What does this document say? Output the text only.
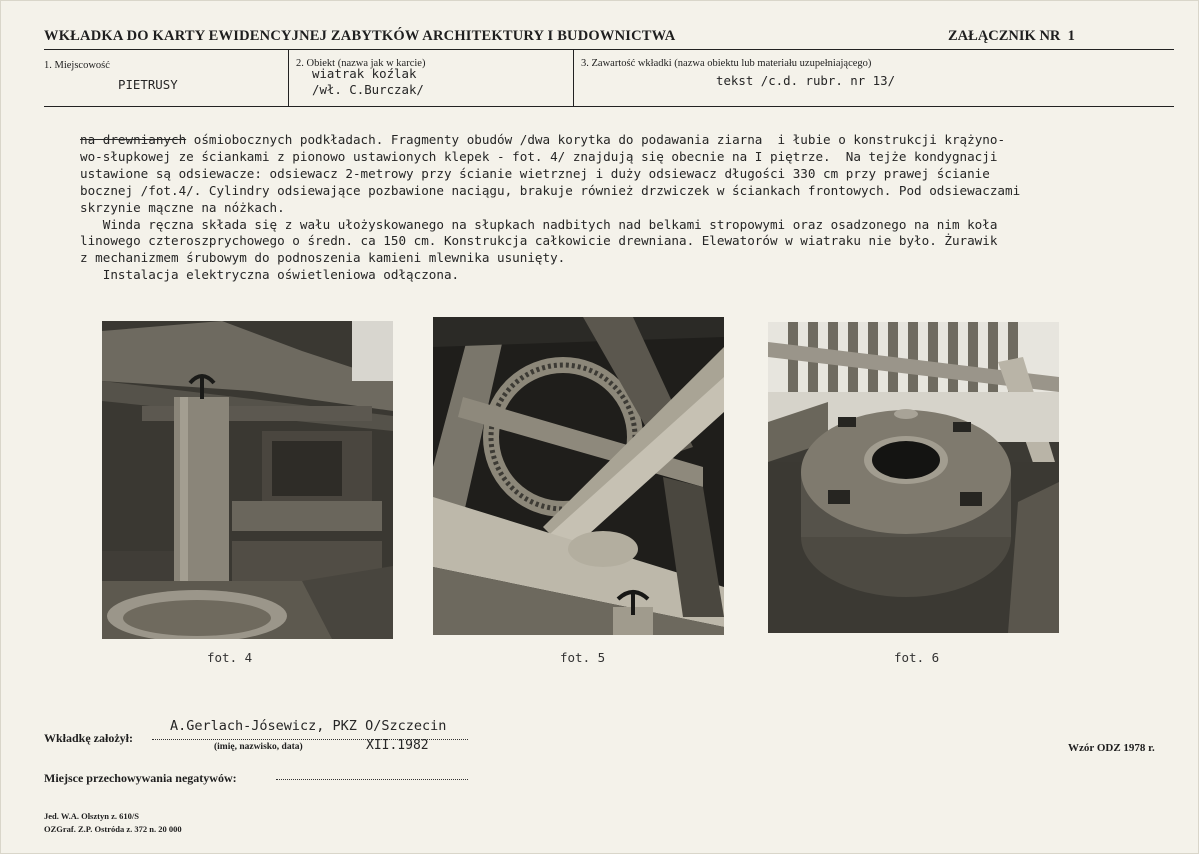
WKŁADKA DO KARTY EWIDENCYJNEJ ZABYTKÓW ARCHITEKTURY I BUDOWNICTWA	ZAŁĄCZNIK NR 1
1. Miejscowość
PIETRUSY
2. Obiekt (nazwa jak w karcie)
wiatrak koźlak
/wł. C.Burczak/
3. Zawartość wkładki (nazwa obiektu lub materiału uzupełniającego)
tekst /c.d. rubr. nr 13/
na drewnianych ośmiobocznych podkładach. Fragmenty obudów /dwa korytka do podawania ziarna  i łubie o konstrukcji krążyno-
wo-słupkowej ze ściankami z pionowo ustawionych klepek - fot. 4/ znajdują się obecnie na I piętrze.  Na tejże kondygnacji
ustawione są odsiewacze: odsiewacz 2-metrowy przy ścianie wietrznej i duży odsiewacz długości 330 cm przy prawej ścianie
bocznej /fot.4/. Cylindry odsiewające pozbawione naciągu, brakuje również drzwiczek w ściankach frontowych. Pod odsiewaczami
skrzynie mączne na nóżkach.
Winda ręczna składa się z wału ułożyskowanego na słupkach nadbitych nad belkami stropowymi oraz osadzonego na nim koła
linowego czteroszprychowego o średn. ca 150 cm. Konstrukcja całkowicie drewniana. Elewatorów w wiatraku nie było. Żurawik
z mechanizmem śrubowym do podnoszenia kamieni mlewnika usunięty.
Instalacja elektryczna oświetleniowa odłączona.
fot. 4	fot. 5	fot. 6
Wkładkę założył:
A.Gerlach-Jósewicz, PKZ O/Szczecin
(imię, nazwisko, data)	XII.1982
Miejsce przechowywania negatywów:
Wzór ODZ 1978 r.
Jed. W.A. Olsztyn z. 610/S
OZGraf. Z.P. Ostróda z. 372 n. 20 000
